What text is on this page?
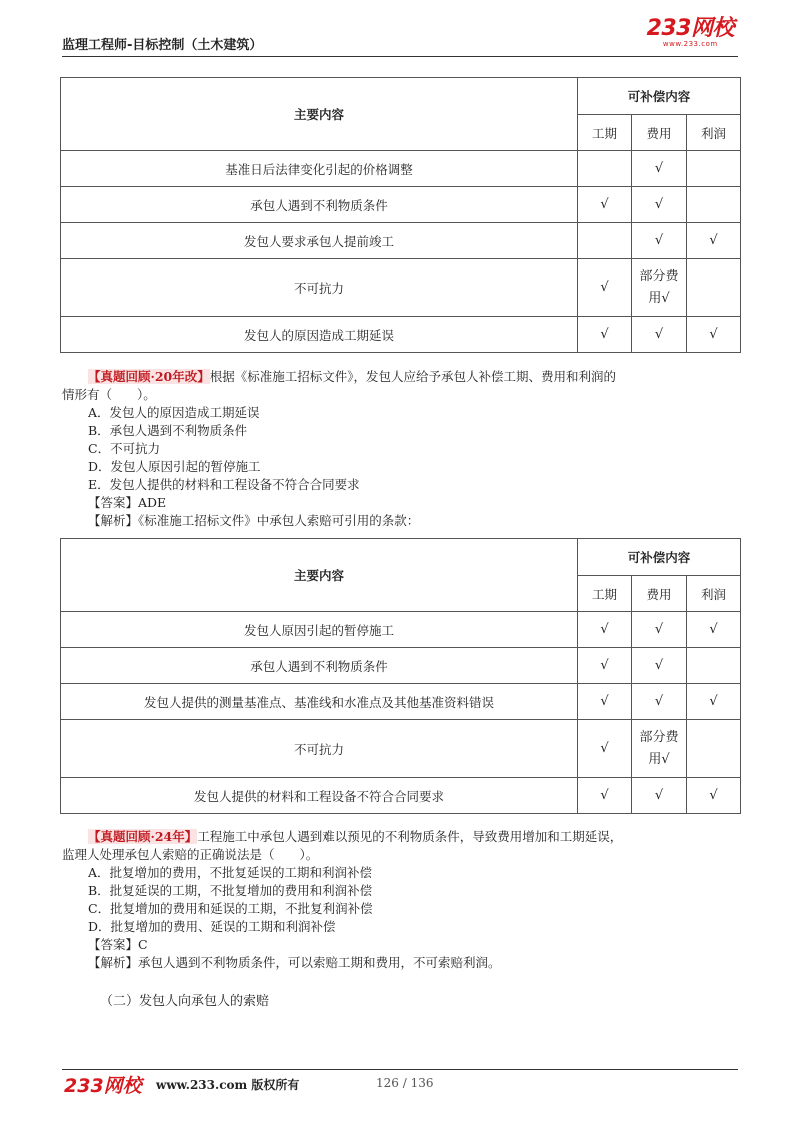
监理工程师-目标控制（土木建筑）
233网校
www.233.com
主要内容	可补偿内容		
	工期	费用	利润
基准日后法律变化引起的价格调整		√	
承包人遇到不利物质条件	√	√	
发包人要求承包人提前竣工		√	√
不可抗力	√	部分费用√	
发包人的原因造成工期延误	√	√	√
【真题回顾·20年改】根据《标准施工招标文件》，发包人应给予承包人补偿工期、费用和利润的
情形有（　　）。
A．发包人的原因造成工期延误
B．承包人遇到不利物质条件
C．不可抗力
D．发包人原因引起的暂停施工
E．发包人提供的材料和工程设备不符合合同要求
【答案】ADE
【解析】《标准施工招标文件》中承包人索赔可引用的条款：
主要内容	可补偿内容		
	工期	费用	利润
发包人原因引起的暂停施工	√	√	√
承包人遇到不利物质条件	√	√	
发包人提供的测量基准点、基准线和水准点及其他基准资料错误	√	√	√
不可抗力	√	部分费用√	
发包人提供的材料和工程设备不符合合同要求	√	√	√
【真题回顾·24年】工程施工中承包人遇到难以预见的不利物质条件，导致费用增加和工期延误，
监理人处理承包人索赔的正确说法是（　　）。
A．批复增加的费用，不批复延误的工期和利润补偿
B．批复延误的工期，不批复增加的费用和利润补偿
C．批复增加的费用和延误的工期，不批复利润补偿
D．批复增加的费用、延误的工期和利润补偿
【答案】C
【解析】承包人遇到不利物质条件，可以索赔工期和费用，不可索赔利润。
（二）发包人向承包人的索赔
233网校 www.233.com 版权所有	126 / 136
